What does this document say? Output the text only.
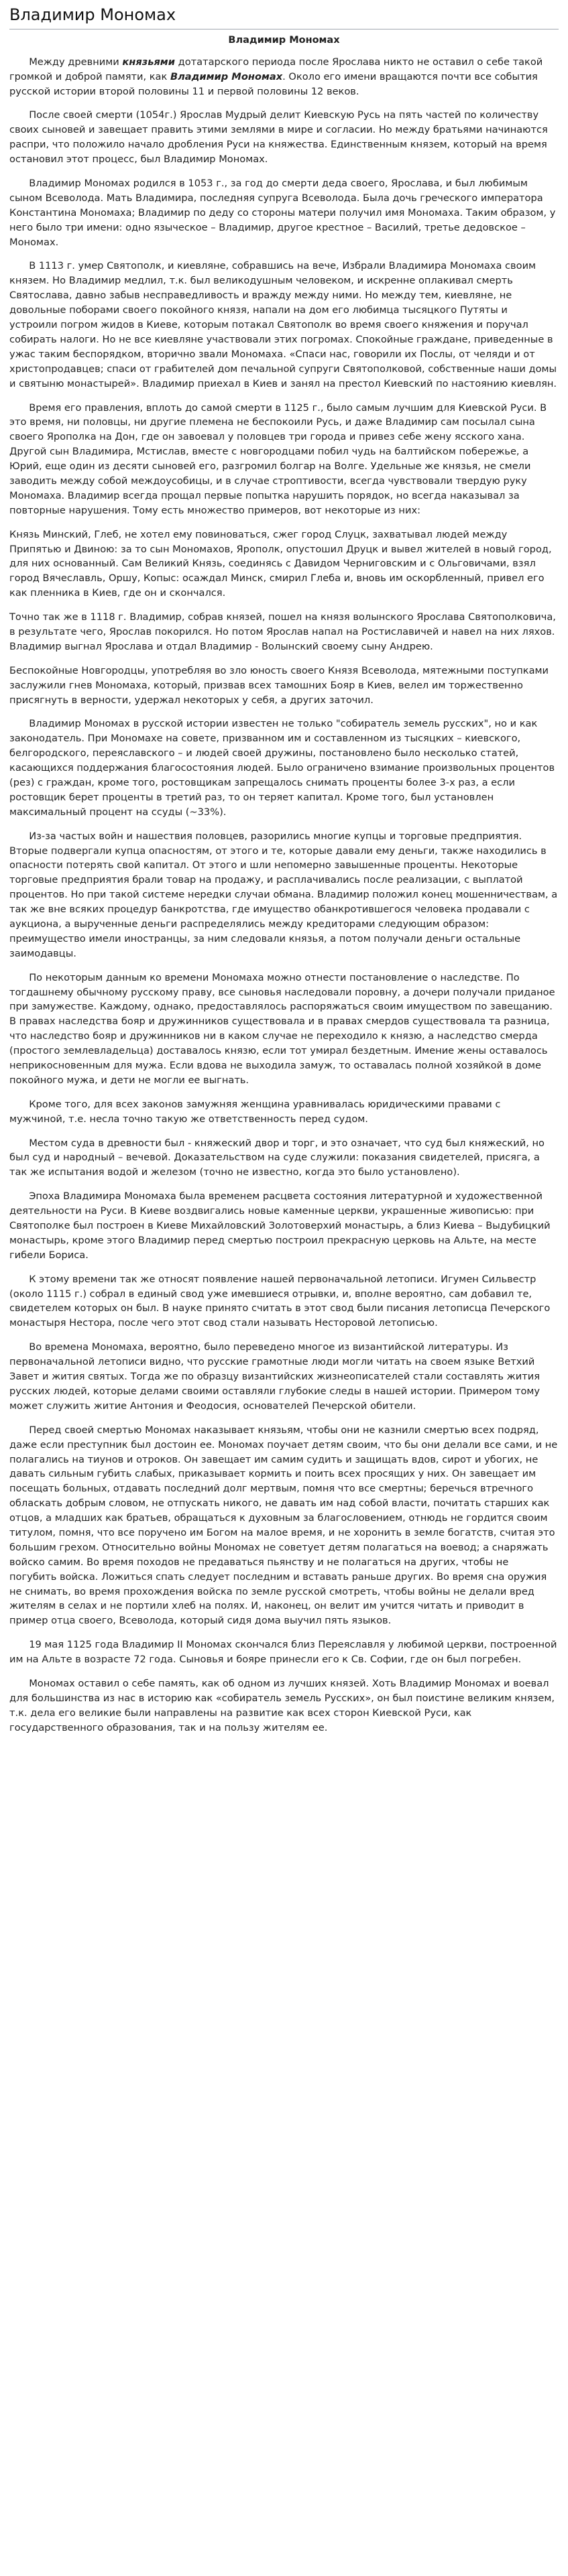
Владимир Мономах
Владимир Мономах

Между древними князьями дотатарского периода после Ярослава никто не оставил о себе такой громкой и доброй памяти, как Владимир Мономах. Около его имени вращаются почти все события русской истории второй половины 11 и первой половины 12 веков.

После своей смерти (1054г.) Ярослав Мудрый делит Киевскую Русь на пять частей по количеству своих сыновей и завещает править этими землями в мире и согласии. Но между братьями начинаются распри, что положило начало дробления Руси на княжества. Единственным князем, который на время остановил этот процесс, был Владимир Мономах.

Владимир Мономах родился в 1053 г., за год до смерти деда своего, Ярослава, и был любимым сыном Всеволода. Мать Владимира, последняя супруга Всеволода. Была дочь греческого императора Константина Мономаха; Владимир по деду со стороны матери получил имя Мономаха. Таким образом, у него было три имени: одно языческое – Владимир, другое крестное – Василий, третье дедовское – Мономах.

В 1113 г. умер Святополк, и киевляне, собравшись на вече, Избрали Владимира Мономаха своим князем. Но Владимир медлил, т.к. был великодушным человеком, и искренне оплакивал смерть Святослава, давно забыв несправедливость и вражду между ними. Но между тем, киевляне, не довольные поборами своего покойного князя, напали на дом его любимца тысяцкого Путяты и устроили погром жидов в Киеве, которым потакал Святополк во время своего княжения и поручал собирать налоги. Но не все киевляне участвовали этих погромах. Спокойные граждане, приведенные в ужас таким беспорядком, вторично звали Мономаха. «Спаси нас, говорили их Послы, от челяди и от христопродавцев; спаси от грабителей дом печальной супруги Святополковой, собственные наши домы и святыню монастырей». Владимир приехал в Киев и занял на престол Киевский по настоянию киевлян.

Время его правления, вплоть до самой смерти в 1125 г., было самым лучшим для Киевской Руси. В это время, ни половцы, ни другие племена не беспокоили Русь, и даже Владимир сам посылал сына своего Ярополка на Дон, где он завоевал у половцев три города и привез себе жену ясского хана. Другой сын Владимира, Мстислав, вместе с новгородцами побил чудь на балтийском побережье, а Юрий, еще один из десяти сыновей его, разгромил болгар на Волге. Удельные же князья, не смели заводить между собой междоусобицы, и в случае строптивости, всегда чувствовали твердую руку Мономаха. Владимир всегда прощал первые попытка нарушить порядок, но всегда наказывал за повторные нарушения. Тому есть множество примеров, вот некоторые из них:

Князь Минский, Глеб, не хотел ему повиноваться, сжег город Слуцк, захватывал людей между Припятью и Двиною: за то сын Мономахов, Ярополк, опустошил Друцк и вывел жителей в новый город, для них основанный. Сам Великий Князь, соединясь с Давидом Черниговским и с Ольговичами, взял город Вячеславль, Оршу, Копыс: осаждал Минск, смирил Глеба и, вновь им оскорбленный, привел его как пленника в Киев, где он и скончался.

Точно так же в 1118 г. Владимир, собрав князей, пошел на князя волынского Ярослава Святополковича, в результате чего, Ярослав покорился. Но потом Ярослав напал на Ростиславичей и навел на них ляхов. Владимир выгнал Ярослава и отдал Владимир - Волынский своему сыну Андрею.

Беспокойные Новгородцы, употребляя во зло юность своего Князя Всеволода, мятежными поступками заслужили гнев Мономаха, который, призвав всех тамошних Бояр в Киев, велел им торжественно присягнуть в верности, удержал некоторых у себя, а других заточил.

Владимир Мономах в русской истории известен не только "собиратель земель русских", но и как законодатель. При Мономахе на совете, призванном им и составленном из тысяцких – киевского, белгородского, переяславского – и людей своей дружины, постановлено было несколько статей, касающихся поддержания благосостояния людей. Было ограничено взимание произвольных процентов (рез) с граждан, кроме того, ростовщикам запрещалось снимать проценты более 3-х раз, а если ростовщик берет проценты в третий раз, то он теряет капитал. Кроме того, был установлен максимальный процент на ссуды (~33%).

Из-за частых войн и нашествия половцев, разорились многие купцы и торговые предприятия. Вторые подвергали купца опасностям, от этого и те, которые давали ему деньги, также находились в опасности потерять свой капитал. От этого и шли непомерно завышенные проценты. Некоторые торговые предприятия брали товар на продажу, и расплачивались после реализации, с выплатой процентов. Но при такой системе нередки случаи обмана. Владимир положил конец мошенничествам, а так же вне всяких процедур банкротства, где имущество обанкротившегося человека продавали с аукциона, а вырученные деньги распределялись между кредиторами следующим образом: преимущество имели иностранцы, за ним следовали князья, а потом получали деньги остальные заимодавцы.

По некоторым данным ко времени Мономаха можно отнести постановление о наследстве. По тогдашнему обычному русскому праву, все сыновья наследовали поровну, а дочери получали приданое при замужестве. Каждому, однако, предоставлялось распоряжаться своим имуществом по завещанию. В правах наследства бояр и дружинников существовала и в правах смердов существовала та разница, что наследство бояр и дружинников ни в каком случае не переходило к князю, а наследство смерда (простого землевладельца) доставалось князю, если тот умирал бездетным. Имение жены оставалось неприкосновенным для мужа. Если вдова не выходила замуж, то оставалась полной хозяйкой в доме покойного мужа, и дети не могли ее выгнать.

Кроме того, для всех законов замужняя женщина уравнивалась юридическими правами с мужчиной, т.е. несла точно такую же ответственность перед судом.

Местом суда в древности был - княжеский двор и торг, и это означает, что суд был княжеский, но был суд и народный – вечевой. Доказательством на суде служили: показания свидетелей, присяга, а так же испытания водой и железом (точно не известно, когда это было установлено).

Эпоха Владимира Мономаха была временем расцвета состояния литературной и художественной деятельности на Руси. В Киеве воздвигались новые каменные церкви, украшенные живописью: при Святополке был построен в Киеве Михайловский Золотоверхий монастырь, а близ Киева – Выдубицкий монастырь, кроме этого Владимир перед смертью построил прекрасную церковь на Альте, на месте гибели Бориса.

К этому времени так же относят появление нашей первоначальной летописи. Игумен Сильвестр (около 1115 г.) собрал в единый свод уже имевшиеся отрывки, и, вполне вероятно, сам добавил те, свидетелем которых он был. В науке принято считать в этот свод были писания летописца Печерского монастыря Нестора, после чего этот свод стали называть Несторовой летописью.

Во времена Мономаха, вероятно, было переведено многое из византийской литературы. Из первоначальной летописи видно, что русские грамотные люди могли читать на своем языке Ветхий Завет и жития святых. Тогда же по образцу византийских жизнеописателей стали составлять жития русских людей, которые делами своими оставляли глубокие следы в нашей истории. Примером тому может служить житие Антония и Феодосия, основателей Печерской обители.

Перед своей смертью Мономах наказывает князьям, чтобы они не казнили смертью всех подряд, даже если преступник был достоин ее. Мономах поучает детям своим, что бы они делали все сами, и не полагались на тиунов и отроков. Он завещает им самим судить и защищать вдов, сирот и убогих, не давать сильным губить слабых, приказывает кормить и поить всех просящих у них. Он завещает им посещать больных, отдавать последний долг мертвым, помня что все смертны; беречься втречного обласкать добрым словом, не отпускать никого, не давать им над собой власти, почитать старших как отцов, а младших как братьев, обращаться к духовным за благословением, отнюдь не гордится своим титулом, помня, что все поручено им Богом на малое время, и не хоронить в земле богатств, считая это большим грехом. Относительно войны Мономах не советует детям полагаться на воевод; а снаряжать войско самим. Во время походов не предаваться пьянству и не полагаться на других, чтобы не погубить войска. Ложиться спать следует последним и вставать раньше других. Во время сна оружия не снимать, во время прохождения войска по земле русской смотреть, чтобы войны не делали вред жителям в селах и не портили хлеб на полях. И, наконец, он велит им учится читать и приводит в пример отца своего, Всеволода, который сидя дома выучил пять языков.

19 мая 1125 года Владимир II Мономах скончался близ Переяславля у любимой церкви, построенной им на Альте в возрасте 72 года. Сыновья и бояре принесли его к Св. Софии, где он был погребен.

Мономах оставил о себе память, как об одном из лучших князей. Хоть Владимир Мономах и воевал для большинства из нас в историю как «собиратель земель Русских», он был поистине великим князем, т.к. дела его великие были направлены на развитие как всех сторон Киевской Руси, как государственного образования, так и на пользу жителям ее.
